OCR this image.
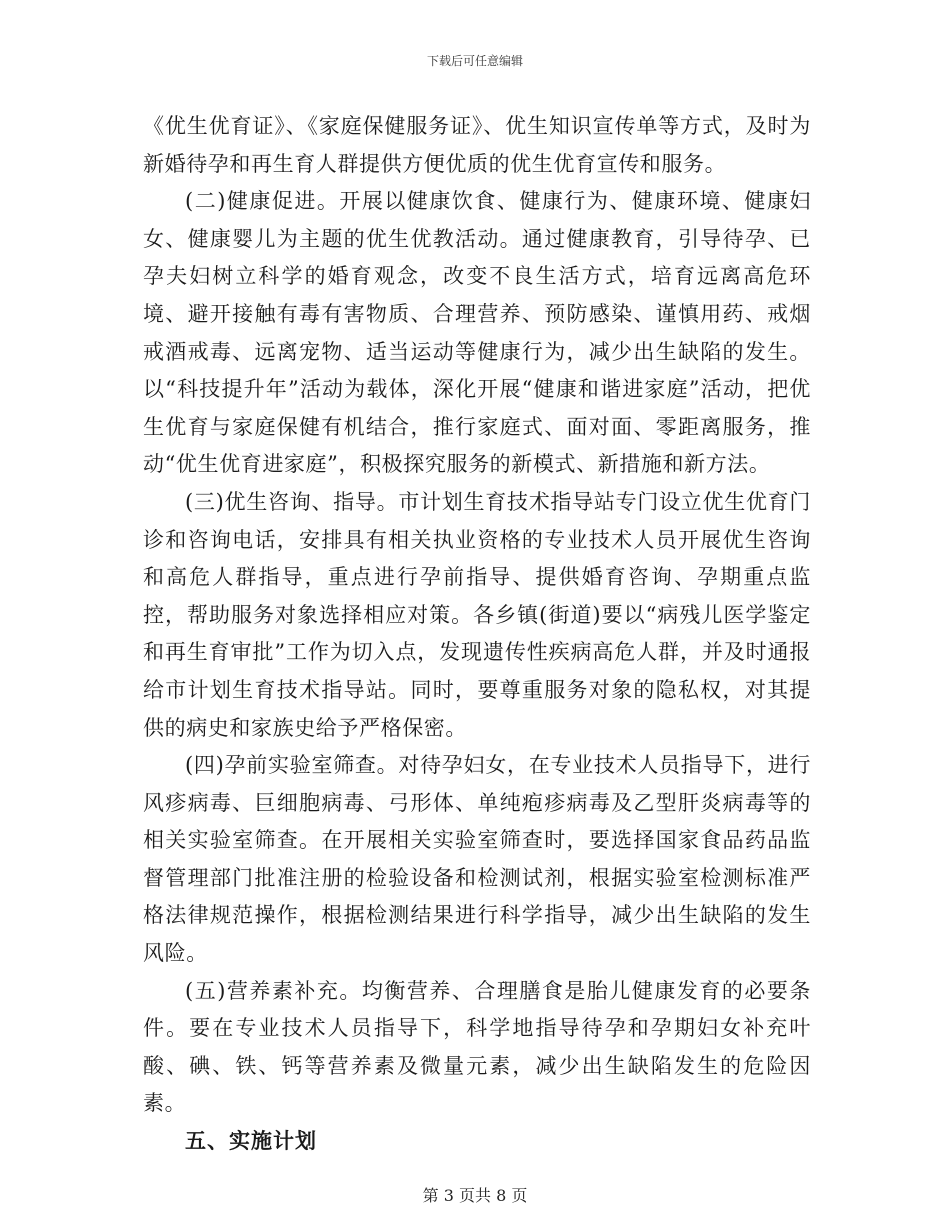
下载后可任意编辑

《优生优育证》、《家庭保健服务证》、优生知识宣传单等方式，及时为新婚待孕和再生育人群提供方便优质的优生优育宣传和服务。

(二)健康促进。开展以健康饮食、健康行为、健康环境、健康妇女、健康婴儿为主题的优生优教活动。通过健康教育，引导待孕、已孕夫妇树立科学的婚育观念，改变不良生活方式，培育远离高危环境、避开接触有毒有害物质、合理营养、预防感染、谨慎用药、戒烟戒酒戒毒、远离宠物、适当运动等健康行为，减少出生缺陷的发生。以“科技提升年”活动为载体，深化开展“健康和谐进家庭”活动，把优生优育与家庭保健有机结合，推行家庭式、面对面、零距离服务，推动“优生优育进家庭”，积极探究服务的新模式、新措施和新方法。

(三)优生咨询、指导。市计划生育技术指导站专门设立优生优育门诊和咨询电话，安排具有相关执业资格的专业技术人员开展优生咨询和高危人群指导，重点进行孕前指导、提供婚育咨询、孕期重点监控，帮助服务对象选择相应对策。各乡镇(街道)要以“病残儿医学鉴定和再生育审批”工作为切入点，发现遗传性疾病高危人群，并及时通报给市计划生育技术指导站。同时，要尊重服务对象的隐私权，对其提供的病史和家族史给予严格保密。

(四)孕前实验室筛查。对待孕妇女，在专业技术人员指导下，进行风疹病毒、巨细胞病毒、弓形体、单纯疱疹病毒及乙型肝炎病毒等的相关实验室筛查。在开展相关实验室筛查时，要选择国家食品药品监督管理部门批准注册的检验设备和检测试剂，根据实验室检测标准严格法律规范操作，根据检测结果进行科学指导，减少出生缺陷的发生风险。

(五)营养素补充。均衡营养、合理膳食是胎儿健康发育的必要条件。要在专业技术人员指导下，科学地指导待孕和孕期妇女补充叶酸、碘、铁、钙等营养素及微量元素，减少出生缺陷发生的危险因素。

五、实施计划

第 3 页共 8 页
